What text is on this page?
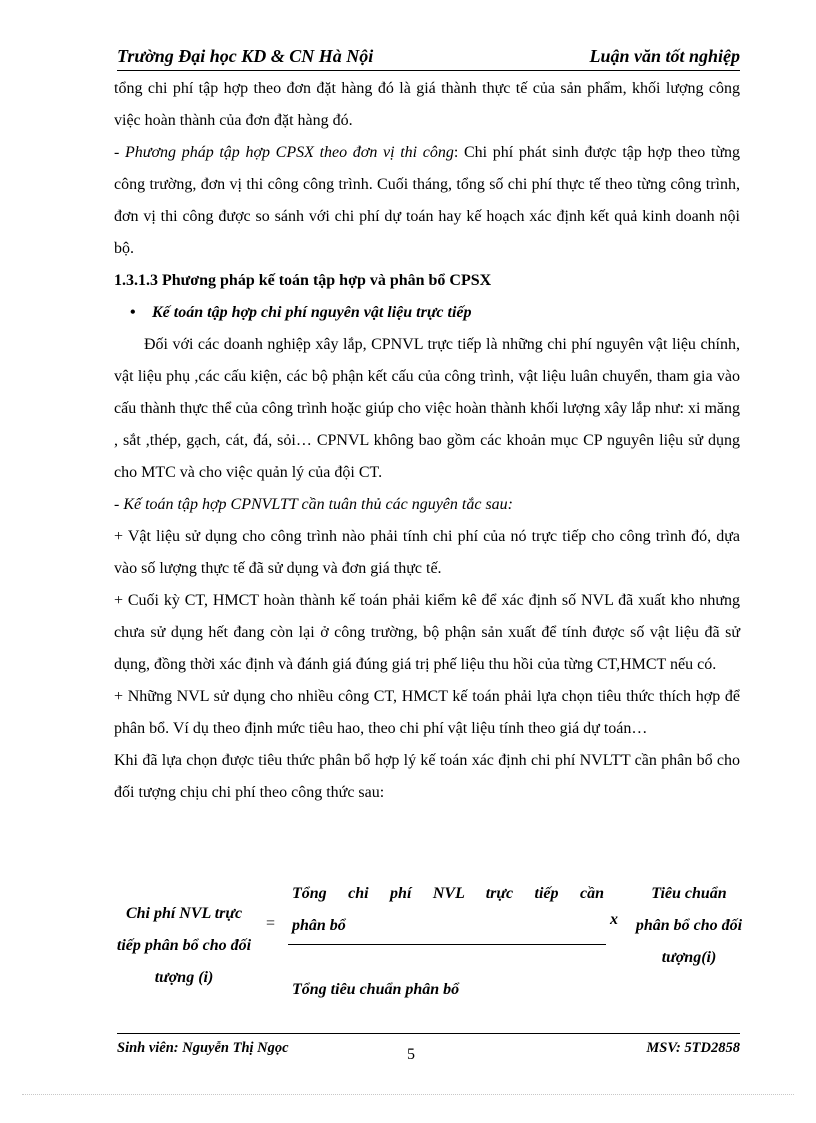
Trường Đại học KD & CN Hà Nội	Luận văn tốt nghiệp

tổng chi phí tập hợp theo đơn đặt hàng đó là giá thành thực tế của sản phẩm, khối lượng công việc hoàn thành của đơn đặt hàng đó.

- Phương pháp tập hợp CPSX theo đơn vị thi công: Chi phí phát sinh được tập hợp theo từng công trường, đơn vị thi công công trình. Cuối tháng, tổng số chi phí thực tế theo từng công trình, đơn vị thi công được so sánh với chi phí dự toán hay kế hoạch xác định kết quả kinh doanh nội bộ.

1.3.1.3 Phương pháp kế toán tập hợp và phân bổ CPSX

• Kế toán tập hợp chi phí nguyên vật liệu trực tiếp

Đối với các doanh nghiệp xây lắp, CPNVL trực tiếp là những chi phí nguyên vật liệu chính, vật liệu phụ ,các cấu kiện, các bộ phận kết cấu của công trình, vật liệu luân chuyển, tham gia vào cấu thành thực thể của công trình hoặc giúp cho việc hoàn thành khối lượng xây lắp như: xi măng , sắt ,thép, gạch, cát, đá, sỏi… CPNVL không bao gồm các khoản mục CP nguyên liệu sử dụng cho MTC và cho việc quản lý của đội CT.

- Kế toán tập hợp CPNVLTT cần tuân thủ các nguyên tắc sau:

+ Vật liệu sử dụng cho công trình nào phải tính chi phí của nó trực tiếp cho công trình đó, dựa vào số lượng thực tế đã sử dụng và đơn giá thực tế.

+ Cuối kỳ CT, HMCT hoàn thành kế toán phải kiểm kê để xác định số NVL đã xuất kho nhưng chưa sử dụng hết đang còn lại ở công trường, bộ phận sản xuất để tính được số vật liệu đã sử dụng, đồng thời xác định và đánh giá đúng giá trị phế liệu thu hồi của từng CT,HMCT nếu có.

+ Những NVL sử dụng cho nhiều công CT, HMCT kế toán phải lựa chọn tiêu thức thích hợp để phân bổ. Ví dụ theo định mức tiêu hao, theo chi phí vật liệu tính theo giá dự toán…

Khi đã lựa chọn được tiêu thức phân bổ hợp lý kế toán xác định chi phí NVLTT cần phân bổ cho đối tượng chịu chi phí theo công thức sau:

Chi phí NVL trực tiếp phân bổ cho đối tượng (i)
=
Tổng chi phí NVL trực tiếp cần
phân bổ
Tổng tiêu chuẩn phân bổ
x
Tiêu chuẩn phân bổ cho đối tượng(i)
Sinh viên: Nguyễn Thị Ngọc	5	MSV: 5TD2858
